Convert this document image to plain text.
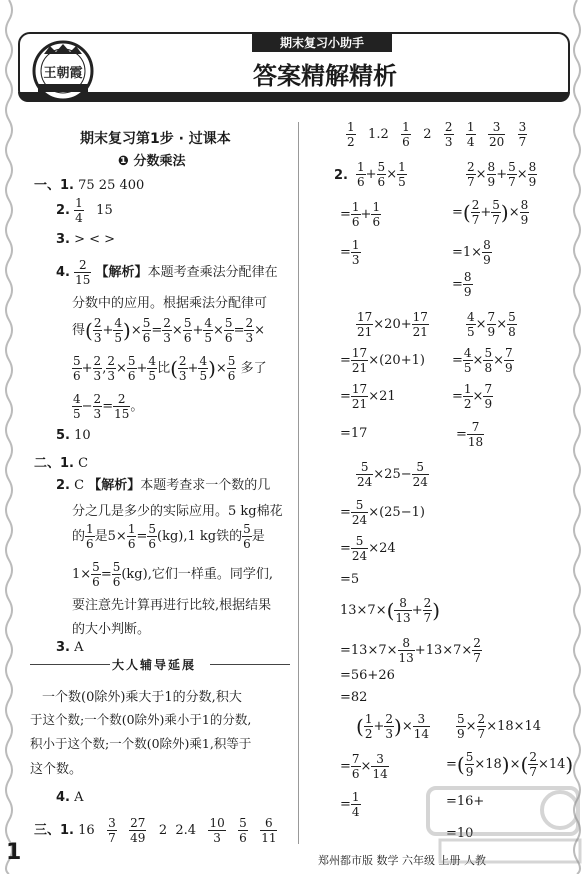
王朝霞
期末复习小助手
答案精解精析
期末复习第1步 · 过课本
❶ 分数乘法
一、1. 75 25 400
2. $\frac{1}{4} 15$
3. > < >
4. $\frac{2}{15}$ 【解析】本题考查乘法分配律在
分数中的应用。根据乘法分配律可
得( $\frac{2}{3} + \frac{4}{5}$ )× $\frac{5}{6} = \frac{2}{3} \times \frac{5}{6} + \frac{4}{5} \times \frac{5}{6} = \frac{2}{3}$ ×
$\frac{5}{6} + \frac{2}{3}$ , $\frac{2}{3} \times \frac{5}{6} + \frac{4}{5}$ 比( $\frac{2}{3} + \frac{4}{5}$ )× $\frac{5}{6}$ 多了
$\frac{4}{5} - \frac{2}{3} = \frac{2}{15}$ 。
5. 10
二、1. C
2. C 【解析】本题考查求一个数的几
分之几是多少的实际应用。5 kg棉花
的 $\frac{1}{6}$ 是$5\times \frac{1}{6} = \frac{5}{6} (kg),1$ kg铁的 $\frac{5}{6}$ 是
$1\times \frac{5}{6} = \frac{5}{6} (kg)$,它们一样重。同学们,
要注意先计算再进行比较,根据结果
的大小判断。
3. A
大人辅导延展
一个数(0除外)乘大于1的分数,积大
于这个数;一个数(0除外)乘小于1的分数,
积小于这个数;一个数(0除外)乘1,积等于
这个数。
4. A
三、1. $16 \frac{3}{7}$
$\frac{27}{49} 2$ $2.4 \frac{10}{3}$
$\frac{5}{6}$
$\frac{6}{11}$
$\frac{1}{2} 1.2 \frac{1}{6} 2 \frac{2}{3}$
$\frac{1}{4}$
$\frac{3}{20}$
$\frac{3}{7}$
2. $\frac{1}{6} + \frac{5}{6} \times \frac{1}{5}$
= $\frac{1}{6} + \frac{1}{6}$
= $\frac{1}{3}$
$\frac{2}{7} \times \frac{8}{9} + \frac{5}{7} \times \frac{8}{9}$
=( $\frac{2}{7} + \frac{5}{7}$ )× $\frac{8}{9}$
$=1\times \frac{8}{9}$
= $\frac{8}{9}$
$\frac{17}{21} \times 20+ \frac{17}{21}$
= $\frac{17}{21} \times(20+1)$
= $\frac{17}{21} \times 21$
=17
$\frac{4}{5} \times \frac{7}{9} \times \frac{5}{8}$
= $\frac{4}{5} \times \frac{5}{8} \times \frac{7}{9}$
= $\frac{1}{2} \times \frac{7}{9}$
= $\frac{7}{18}$
$\frac{5}{24} \times 25- \frac{5}{24}$
= $\frac{5}{24} \times(25-1)$
= $\frac{5}{24} \times 24$
=5
$13\times 7\times( \frac{8}{13} + \frac{2}{7}$ )
$=13\times 7\times \frac{8}{13} +13\times 7\times \frac{2}{7}$
=56+26
=82
( $\frac{1}{2} + \frac{2}{3}$ )× $\frac{3}{14}$
= $\frac{7}{6} \times \frac{3}{14}$
= $\frac{1}{4}$
$\frac{5}{9} \times \frac{2}{7} \times 18\times 14$
=( $\frac{5}{9} \times 18)\times( \frac{2}{7} \times 14)$
=16+
=10
1	郑州都市版 数学 六年级 上册 人教
